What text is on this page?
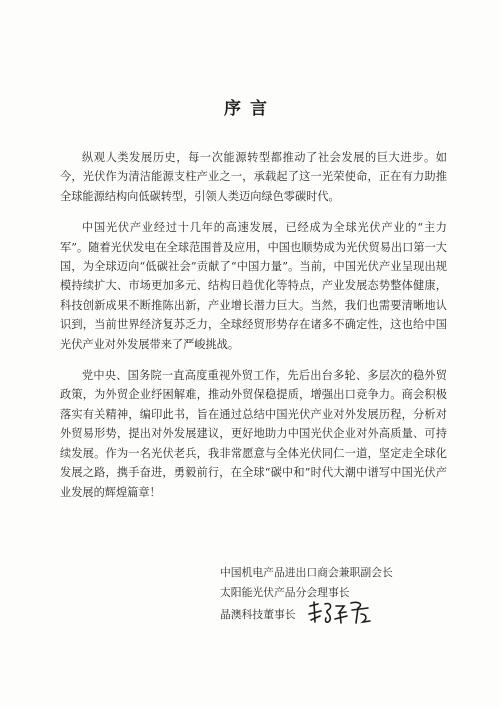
序言

纵观人类发展历史，每一次能源转型都推动了社会发展的巨大进步。如今，光伏作为清洁能源支柱产业之一，承载起了这一光荣使命，正在有力助推全球能源结构向低碳转型，引领人类迈向绿色零碳时代。

中国光伏产业经过十几年的高速发展，已经成为全球光伏产业的“主力军”。随着光伏发电在全球范围普及应用，中国也顺势成为光伏贸易出口第一大国，为全球迈向“低碳社会”贡献了“中国力量”。当前，中国光伏产业呈现出规模持续扩大、市场更加多元、结构日趋优化等特点，产业发展态势整体健康，科技创新成果不断推陈出新，产业增长潜力巨大。当然，我们也需要清晰地认识到，当前世界经济复苏乏力，全球经贸形势存在诸多不确定性，这也给中国光伏产业对外发展带来了严峻挑战。

党中央、国务院一直高度重视外贸工作，先后出台多轮、多层次的稳外贸政策，为外贸企业纾困解难，推动外贸保稳提质，增强出口竞争力。商会积极落实有关精神，编印此书，旨在通过总结中国光伏产业对外发展历程，分析对外贸易形势，提出对外发展建议，更好地助力中国光伏企业对外高质量、可持续发展。作为一名光伏老兵，我非常愿意与全体光伏同仁一道，坚定走全球化发展之路，携手奋进，勇毅前行，在全球“碳中和”时代大潮中谱写中国光伏产业发展的辉煌篇章！

中国机电产品进出口商会兼职副会长
太阳能光伏产品分会理事长
晶澳科技董事长
